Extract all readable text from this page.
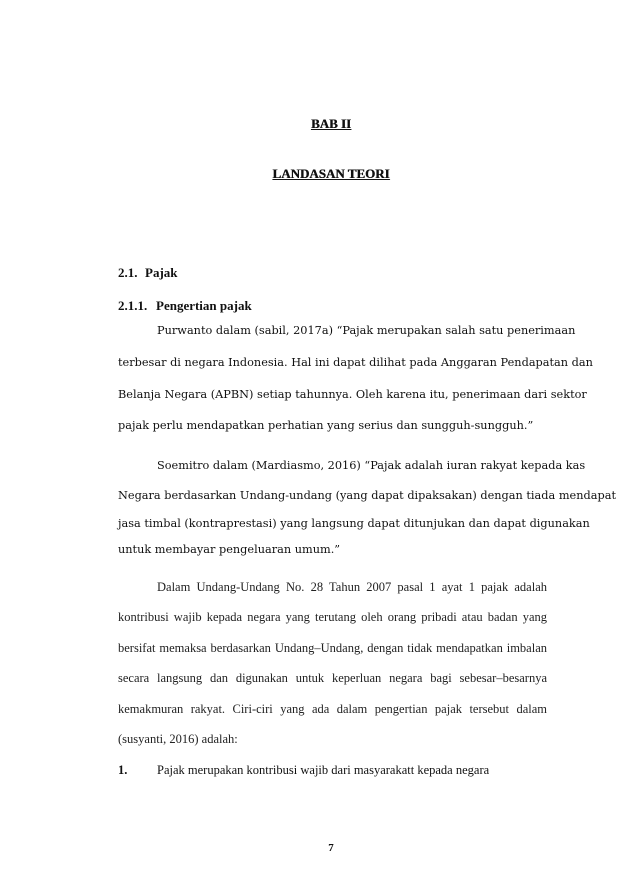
BAB II
LANDASAN TEORI
2.1. Pajak
2.1.1. Pengertian pajak
Purwanto dalam (sabil, 2017a) “Pajak merupakan salah satu penerimaan
terbesar di negara Indonesia. Hal ini dapat dilihat pada Anggaran Pendapatan dan
Belanja Negara (APBN) setiap tahunnya. Oleh karena itu, penerimaan dari sektor
pajak perlu mendapatkan perhatian yang serius dan sungguh-sungguh.”
Soemitro dalam (Mardiasmo, 2016) “Pajak adalah iuran rakyat kepada kas
Negara berdasarkan Undang-undang (yang dapat dipaksakan) dengan tiada mendapat
jasa timbal (kontraprestasi) yang langsung dapat ditunjukan dan dapat digunakan
untuk membayar pengeluaran umum.”
Dalam Undang-Undang No. 28 Tahun 2007 pasal 1 ayat 1 pajak adalah
kontribusi wajib kepada negara yang terutang oleh orang pribadi atau badan yang
bersifat memaksa berdasarkan Undang–Undang, dengan tidak mendapatkan imbalan
secara langsung dan digunakan untuk keperluan negara bagi sebesar–besarnya
kemakmuran rakyat. Ciri-ciri yang ada dalam pengertian pajak tersebut dalam
(susyanti, 2016) adalah:
1. Pajak merupakan kontribusi wajib dari masyarakatt kepada negara
7
